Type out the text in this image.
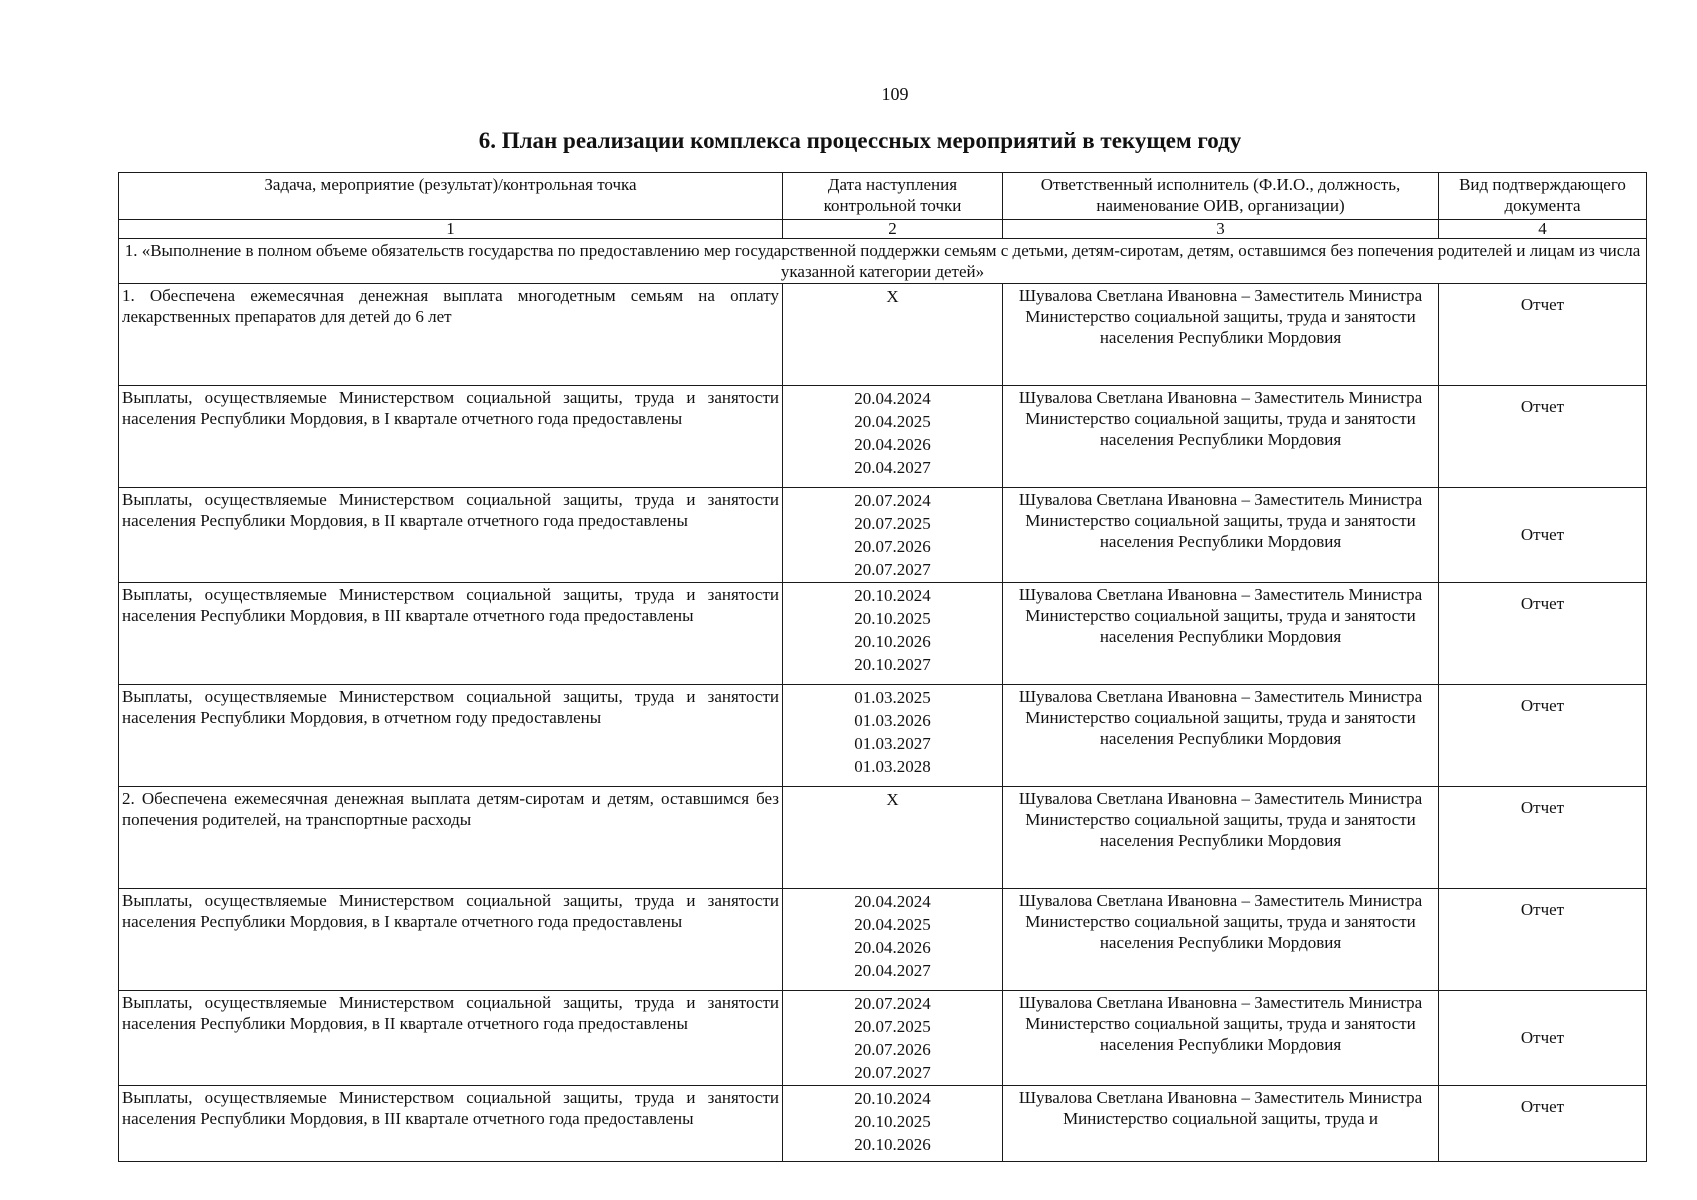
109
6. План реализации комплекса процессных мероприятий в текущем году
Задача, мероприятие (результат)/контрольная точка	Дата наступления контрольной точки	Ответственный исполнитель (Ф.И.О., должность, наименование ОИВ, организации)	Вид подтверждающего документа
1	2	3	4
1. «Выполнение в полном объеме обязательств государства по предоставлению мер государственной поддержки семьям с детьми, детям-сиротам, детям, оставшимся без попечения родителей и лицам из числа указанной категории детей»			
1. Обеспечена ежемесячная денежная выплата многодетным семьям на оплату лекарственных препаратов для детей до 6 лет	X	Шувалова Светлана Ивановна – Заместитель Министра
Министерство социальной защиты, труда и занятости населения Республики Мордовия	Отчет
Выплаты, осуществляемые Министерством социальной защиты, труда и занятости населения Республики Мордовия, в I квартале отчетного года предоставлены	20.04.2024
20.04.2025
20.04.2026
20.04.2027	Шувалова Светлана Ивановна – Заместитель Министра
Министерство социальной защиты, труда и занятости населения Республики Мордовия	Отчет
Выплаты, осуществляемые Министерством социальной защиты, труда и занятости населения Республики Мордовия, в II квартале отчетного года предоставлены	20.07.2024
20.07.2025
20.07.2026
20.07.2027	Шувалова Светлана Ивановна – Заместитель Министра
Министерство социальной защиты, труда и занятости населения Республики Мордовия	Отчет
Выплаты, осуществляемые Министерством социальной защиты, труда и занятости населения Республики Мордовия, в III квартале отчетного года предоставлены	20.10.2024
20.10.2025
20.10.2026
20.10.2027	Шувалова Светлана Ивановна – Заместитель Министра
Министерство социальной защиты, труда и занятости населения Республики Мордовия	Отчет
Выплаты, осуществляемые Министерством социальной защиты, труда и занятости населения Республики Мордовия, в отчетном году предоставлены	01.03.2025
01.03.2026
01.03.2027
01.03.2028	Шувалова Светлана Ивановна – Заместитель Министра
Министерство социальной защиты, труда и занятости населения Республики Мордовия	Отчет
2. Обеспечена ежемесячная денежная выплата детям-сиротам и детям, оставшимся без попечения родителей, на транспортные расходы	X	Шувалова Светлана Ивановна – Заместитель Министра
Министерство социальной защиты, труда и занятости населения Республики Мордовия	Отчет
Выплаты, осуществляемые Министерством социальной защиты, труда и занятости населения Республики Мордовия, в I квартале отчетного года предоставлены	20.04.2024
20.04.2025
20.04.2026
20.04.2027	Шувалова Светлана Ивановна – Заместитель Министра
Министерство социальной защиты, труда и занятости населения Республики Мордовия	Отчет
Выплаты, осуществляемые Министерством социальной защиты, труда и занятости населения Республики Мордовия, в II квартале отчетного года предоставлены	20.07.2024
20.07.2025
20.07.2026
20.07.2027	Шувалова Светлана Ивановна – Заместитель Министра
Министерство социальной защиты, труда и занятости населения Республики Мордовия	Отчет
Выплаты, осуществляемые Министерством социальной защиты, труда и занятости населения Республики Мордовия, в III квартале отчетного года предоставлены	20.10.2024
20.10.2025
20.10.2026	Шувалова Светлана Ивановна – Заместитель Министра
Министерство социальной защиты, труда и	Отчет
